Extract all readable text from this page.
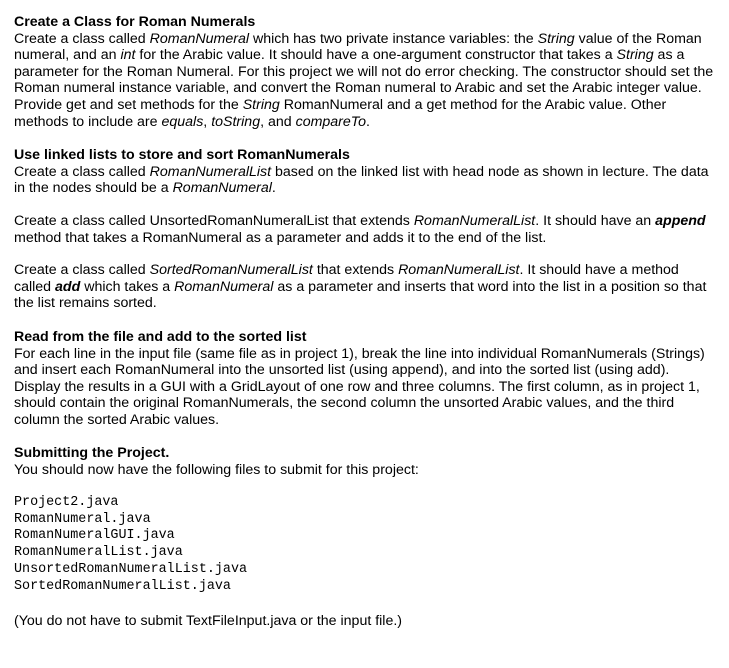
Create a Class for Roman Numerals

Create a class called RomanNumeral which has two private instance variables: the String value of the Roman numeral, and an int for the Arabic value. It should have a one-argument constructor that takes a String as a parameter for the Roman Numeral. For this project we will not do error checking. The constructor should set the Roman numeral instance variable, and convert the Roman numeral to Arabic and set the Arabic integer value. Provide get and set methods for the String RomanNumeral and a get method for the Arabic value. Other methods to include are equals, toString, and compareTo.

Use linked lists to store and sort RomanNumerals

Create a class called RomanNumeralList based on the linked list with head node as shown in lecture. The data in the nodes should be a RomanNumeral.

Create a class called UnsortedRomanNumeralList that extends RomanNumeralList. It should have an append method that takes a RomanNumeral as a parameter and adds it to the end of the list.

Create a class called SortedRomanNumeralList that extends RomanNumeralList. It should have a method called add which takes a RomanNumeral as a parameter and inserts that word into the list in a position so that the list remains sorted.

Read from the file and add to the sorted list

For each line in the input file (same file as in project 1), break the line into individual RomanNumerals (Strings) and insert each RomanNumeral into the unsorted list (using append), and into the sorted list (using add).

Display the results in a GUI with a GridLayout of one row and three columns. The first column, as in project 1, should contain the original RomanNumerals, the second column the unsorted Arabic values, and the third column the sorted Arabic values.

Submitting the Project.

You should now have the following files to submit for this project:

Project2.java
RomanNumeral.java
RomanNumeralGUI.java
RomanNumeralList.java
UnsortedRomanNumeralList.java
SortedRomanNumeralList.java

(You do not have to submit TextFileInput.java or the input file.)
